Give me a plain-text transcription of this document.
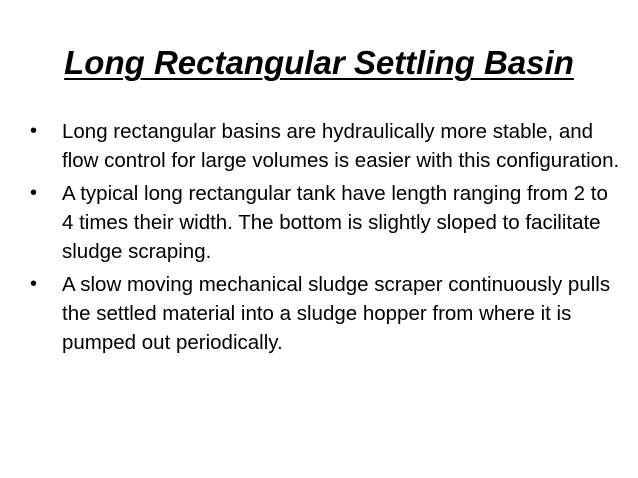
Long Rectangular Settling Basin
•	Long rectangular basins are hydraulically more stable, and flow control for large volumes is easier with this configuration.
•	A typical long rectangular tank have length ranging from 2 to 4 times their width. The bottom is slightly sloped to facilitate sludge scraping.
•	A slow moving mechanical sludge scraper continuously pulls the settled material into a sludge hopper from where it is pumped out periodically.
